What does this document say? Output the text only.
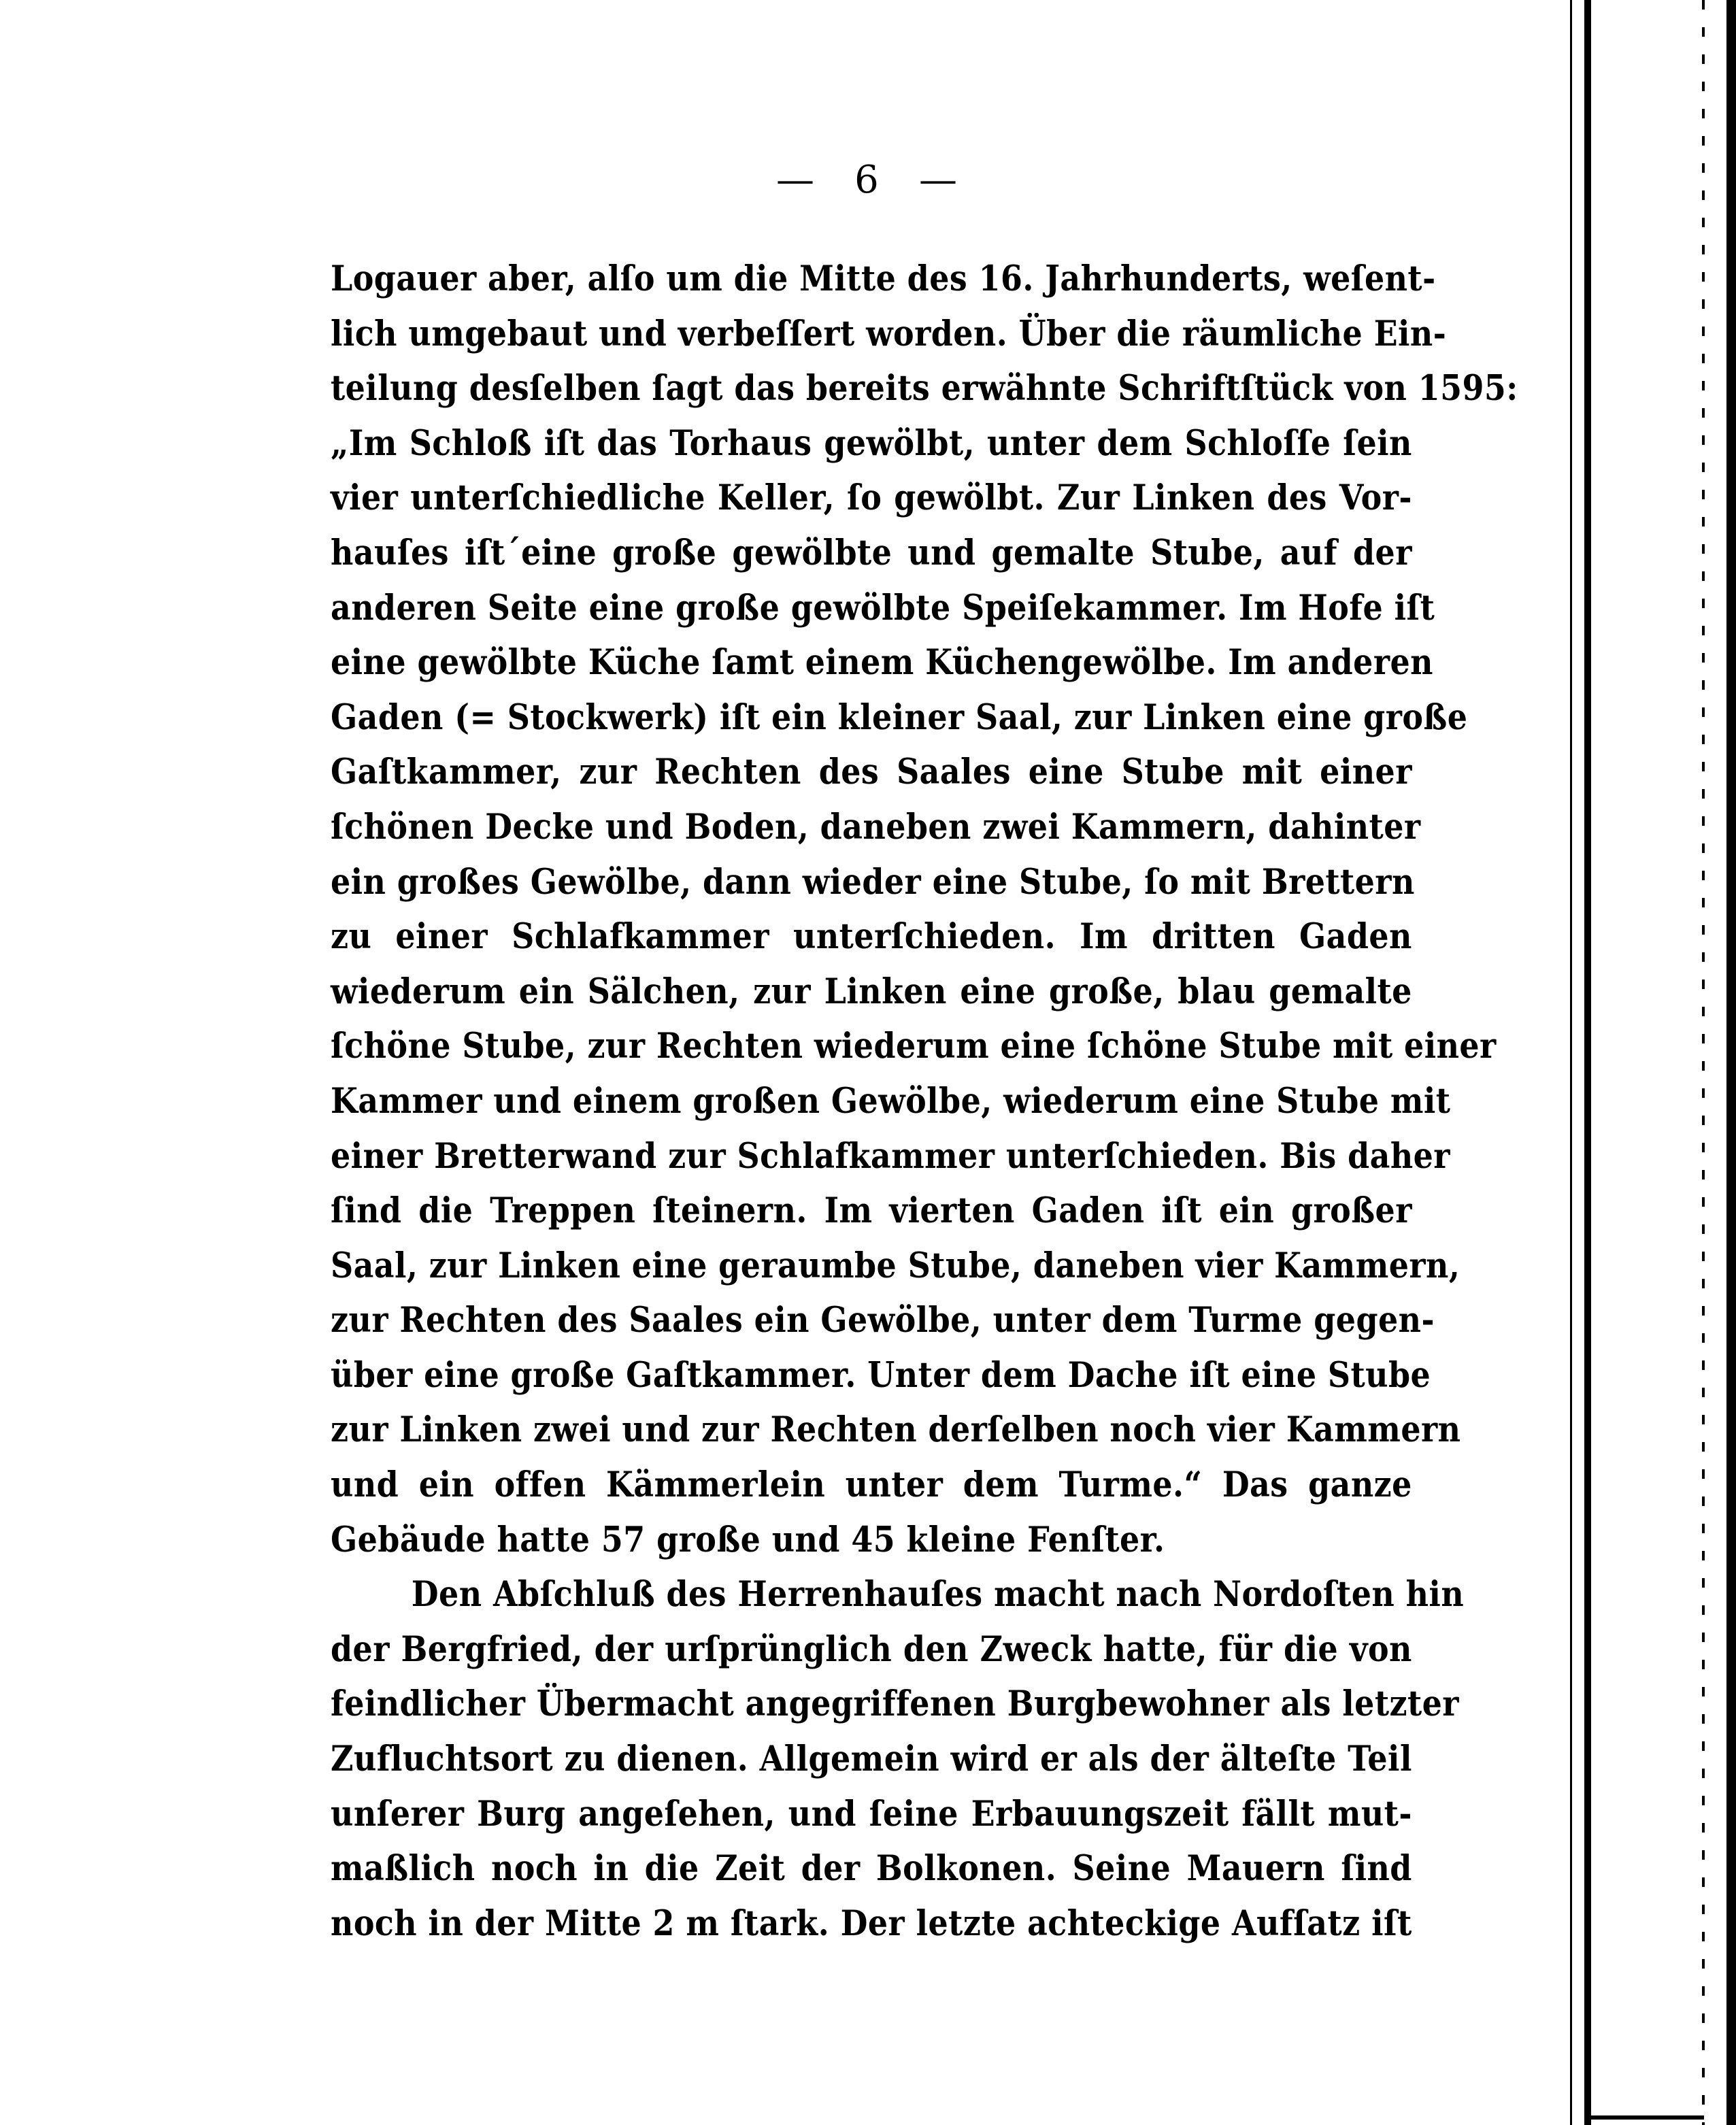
— 6 —
Logauer aber, alſo um die Mitte des 16. Jahrhunderts, weſent-
lich umgebaut und verbeſſert worden. Über die räumliche Ein-
teilung desſelben ſagt das bereits erwähnte Schriftſtück von 1595:
„Im Schloß iſt das Torhaus gewölbt, unter dem Schloſſe ſein
vier unterſchiedliche Keller, ſo gewölbt. Zur Linken des Vor-
hauſes iſt´eine große gewölbte und gemalte Stube, auf der
anderen Seite eine große gewölbte Speiſekammer. Im Hofe iſt
eine gewölbte Küche ſamt einem Küchengewölbe. Im anderen
Gaden (= Stockwerk) iſt ein kleiner Saal, zur Linken eine große
Gaſtkammer, zur Rechten des Saales eine Stube mit einer
ſchönen Decke und Boden, daneben zwei Kammern, dahinter
ein großes Gewölbe, dann wieder eine Stube, ſo mit Brettern
zu einer Schlafkammer unterſchieden. Im dritten Gaden
wiederum ein Sälchen, zur Linken eine große, blau gemalte
ſchöne Stube, zur Rechten wiederum eine ſchöne Stube mit einer
Kammer und einem großen Gewölbe, wiederum eine Stube mit
einer Bretterwand zur Schlafkammer unterſchieden. Bis daher
ſind die Treppen ſteinern. Im vierten Gaden iſt ein großer
Saal, zur Linken eine geraumbe Stube, daneben vier Kammern,
zur Rechten des Saales ein Gewölbe, unter dem Turme gegen-
über eine große Gaſtkammer. Unter dem Dache iſt eine Stube
zur Linken zwei und zur Rechten derſelben noch vier Kammern
und ein offen Kämmerlein unter dem Turme.“ Das ganze
Gebäude hatte 57 große und 45 kleine Fenſter.
Den Abſchluß des Herrenhauſes macht nach Nordoſten hin
der Bergfried, der urſprünglich den Zweck hatte, für die von
feindlicher Übermacht angegriffenen Burgbewohner als letzter
Zufluchtsort zu dienen. Allgemein wird er als der älteſte Teil
unſerer Burg angeſehen, und ſeine Erbauungszeit fällt mut-
maßlich noch in die Zeit der Bolkonen. Seine Mauern ſind
noch in der Mitte 2 m ſtark. Der letzte achteckige Aufſatz iſt
